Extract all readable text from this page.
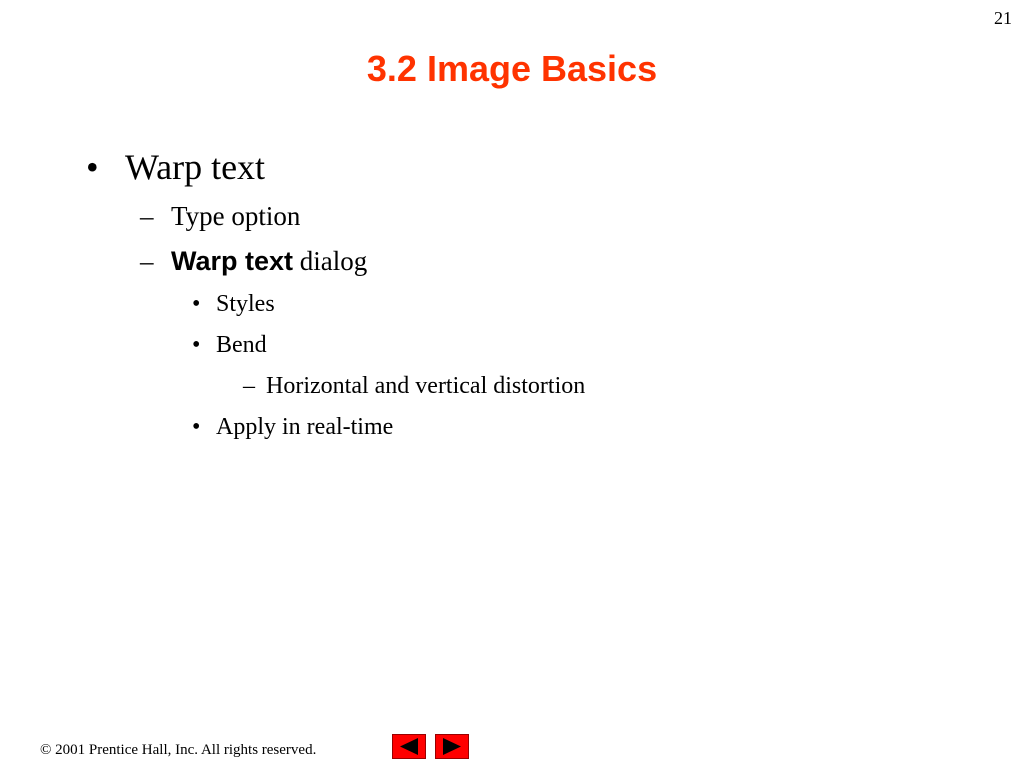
21
3.2 Image Basics
• Warp text
– Type option
– Warp text dialog
• Styles
• Bend
– Horizontal and vertical distortion
• Apply in real-time
© 2001 Prentice Hall, Inc. All rights reserved.
